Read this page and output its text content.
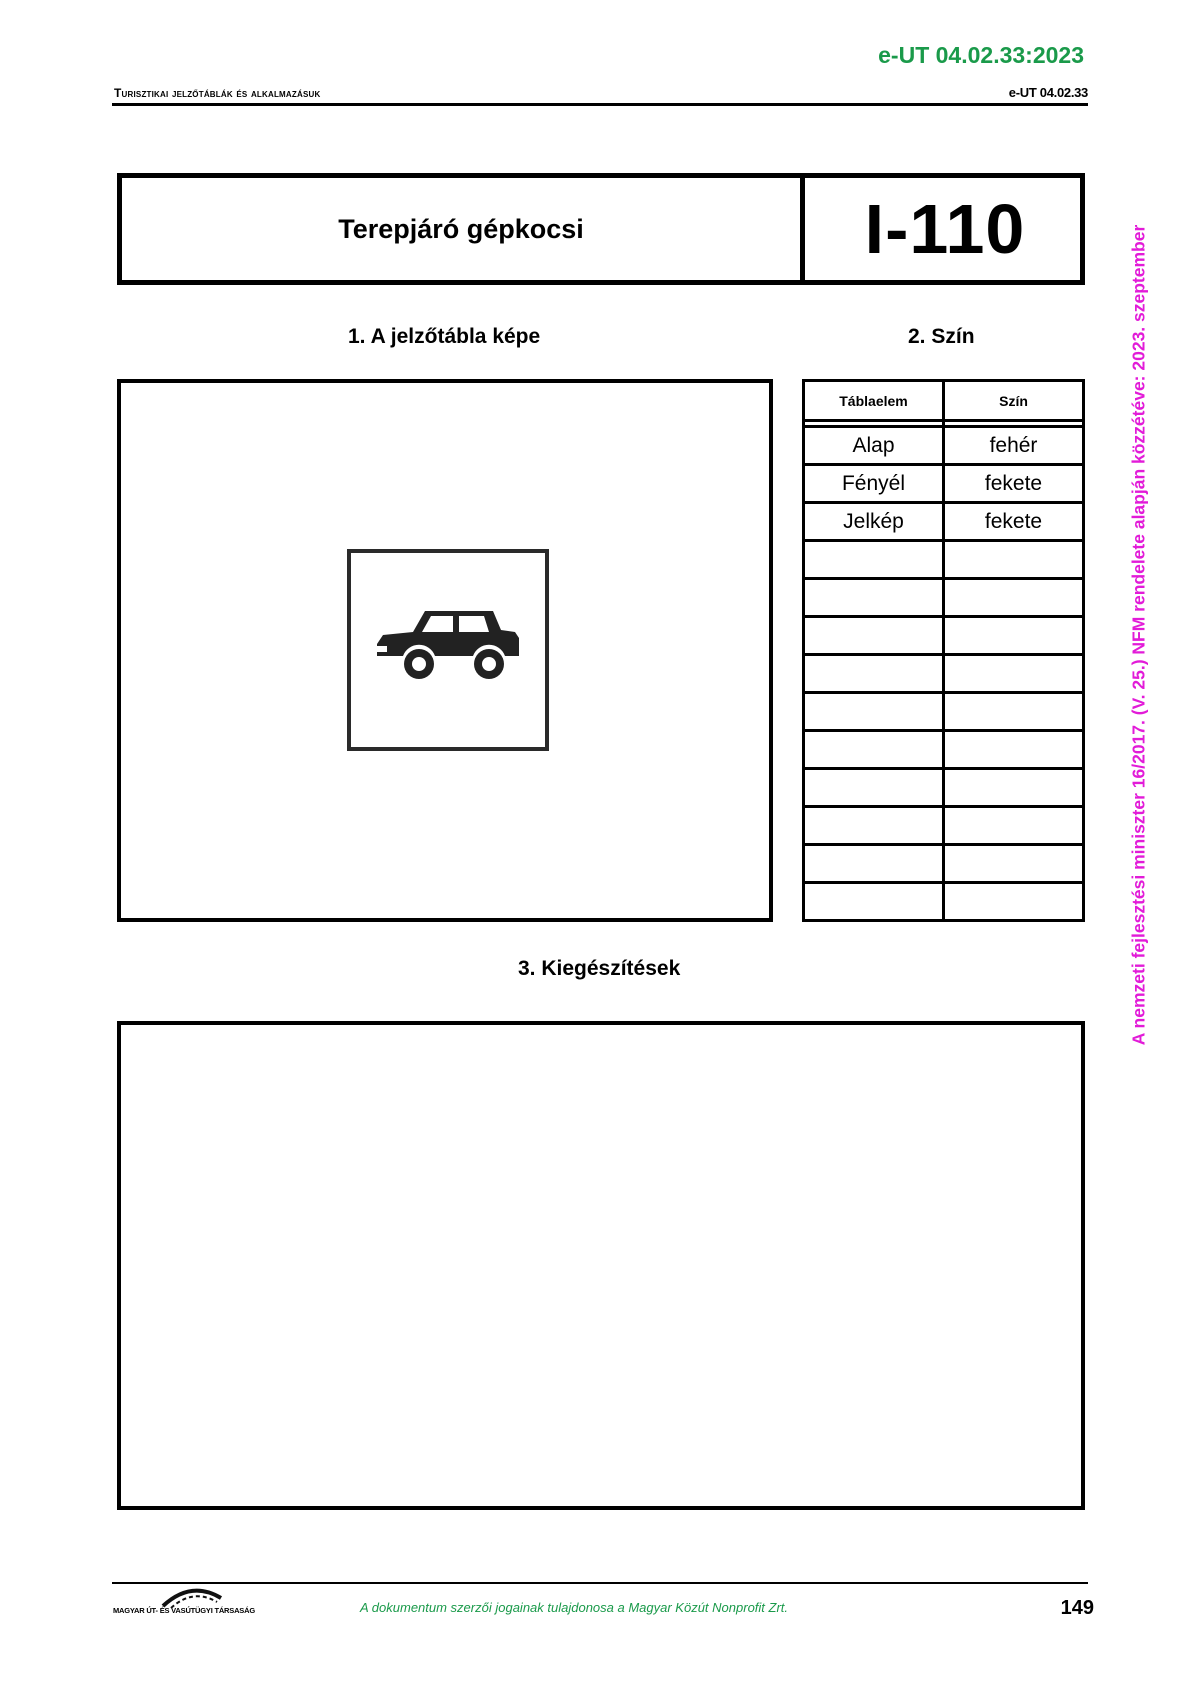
e-UT 04.02.33:2023
Turisztikai jelzőtáblák és alkalmazásuk	e-UT 04.02.33
A nemzeti fejlesztési miniszter 16/2017. (V. 25.) NFM rendelete alapján közzétéve: 2023. szeptember
Terepjáró gépkocsi	I-110
1. A jelzőtábla képe	2. Szín
Táblaelem	Szín

Alap	fehér
Fényél	fekete
Jelkép	fekete

3. Kiegészítések
MAGYAR ÚT- ÉS VASÚTÜGYI TÁRSASÁG	A dokumentum szerzői jogainak tulajdonosa a Magyar Közút Nonprofit Zrt.	149
